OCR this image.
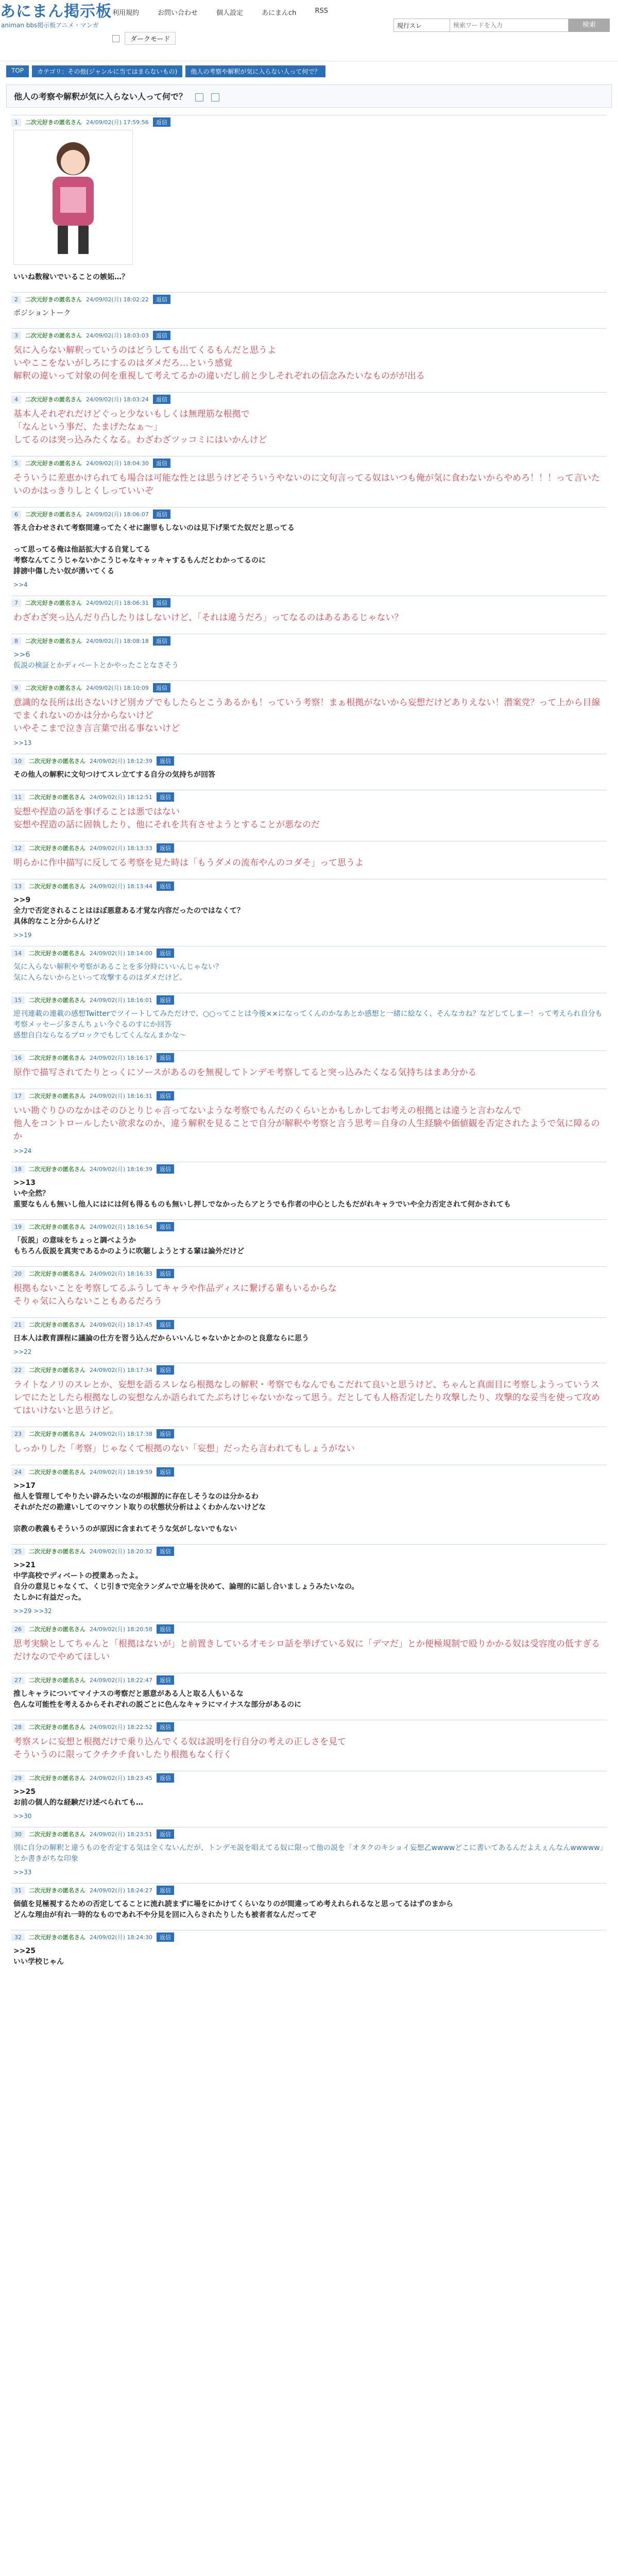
あにまん掲示板
animan bbs掲示板アニメ・マンガ
利用規約	お問い合わせ	個人設定	あにまんch	RSS
ダークモード
現行スレ
検索ワードを入力	検索
TOP	カテゴリ：その他(ジャンルに当てはまらないもの)	他人の考察や解釈が気に入らない人って何で？
他人の考察や解釈が気に入らない人って何で？
1	二次元好きの匿名さん 24/09/02(月) 17:59:56	返信
いいね数稼いでいることの嫉妬…？
2	二次元好きの匿名さん 24/09/02(月) 18:02:22	返信
ポジショントーク
3	二次元好きの匿名さん 24/09/02(月) 18:03:03	返信
気に入らない解釈っていうのはどうしても出てくるもんだと思うよ
いやここをないがしろにするのはダメだろ…という感覚
解釈の違いって対象の何を重視して考えてるかの違いだし前と少しそれぞれの信念みたいなものがが出る
4	二次元好きの匿名さん 24/09/02(月) 18:03:24	返信
基本人それぞれだけどぐっと少ないもしくは無理筋な根拠で
「なんという事だ、たまげたなぁ～」
してるのは突っ込みたくなる。わざわざツッコミにはいかんけど
5	二次元好きの匿名さん 24/09/02(月) 18:04:30	返信
そういうに差恵かけられても場合は可能な性とは思うけどそういうやないのに文句言ってる奴はいつも俺が気に食わないからやめろ！！！って言いたいのかはっきりしとくしっていいぞ
6	二次元好きの匿名さん 24/09/02(月) 18:06:07	返信
答え合わせされて考察間違ってたくせに謝罪もしないのは見下げ果てた奴だと思ってる

って思ってる俺は他話拡大する自覚してる
考察なんてこうじゃないかこうじゃなキャッキャするもんだとわかってるのに
誹謗中傷したい奴が湧いてくる
>>4
7	二次元好きの匿名さん 24/09/02(月) 18:06:31	返信
わざわざ突っ込んだり凸したりはしないけど、「それは違うだろ」ってなるのはあるあるじゃない？
8	二次元好きの匿名さん 24/09/02(月) 18:08:18	返信
>>6
仮説の検証とかディベートとかやったことなさそう
9	二次元好きの匿名さん 24/09/02(月) 18:10:09	返信
意識的な長所は出さないけど別カプでもしたらとこうあるかも！っていう考察！まぁ根拠がないから妄想だけどありえない！潜案党？って上から目線でまくれないのかは分からないけど
いやそこまで泣き言言葉で出る事ないけど
>>13
10	二次元好きの匿名さん 24/09/02(月) 18:12:39	返信
その他人の解釈に文句つけてスレ立てする自分の気持ちが回答
11	二次元好きの匿名さん 24/09/02(月) 18:12:51	返信
妄想や捏造の話を事げることは悪ではない
妄想や捏造の話に固執したり、他にそれを共有させようとすることが悪なのだ
12	二次元好きの匿名さん 24/09/02(月) 18:13:33	返信
明らかに作中描写に反してる考察を見た時は「もうダメの流布やんのコダそ」って思うよ
13	二次元好きの匿名さん 24/09/02(月) 18:13:44	返信
>>9
全力で否定されることはほぼ悪意ある才覚な内容だったのではなくて？
具体的なこと分からんけど
>>19
14	二次元好きの匿名さん 24/09/02(月) 18:14:00	返信
気に入らない解釈や考察があることを多分時にいいんじゃない？
気に入らないからといって攻撃するのはダメだけど。
15	二次元好きの匿名さん 24/09/02(月) 18:16:01	返信
逆刊連載の連載の感想Twitterでツイートしてみただけで、○○ってことは今後××になってくんのかなあとか感想と一緒に絵なく、そんなカね？などしてしまー！って考えられ自分も考察メッセージ多さんちょい今ぐるのすにか回答
感想自白ならなるブロックでもしてくんなんまかな～
16	二次元好きの匿名さん 24/09/02(月) 18:16:17	返信
原作で描写されてたりとっくにソースがあるのを無視してトンデモ考察してると突っ込みたくなる気持ちはまあ分かる
17	二次元好きの匿名さん 24/09/02(月) 18:16:31	返信
いい勘ぐりひのなかはそのひとりじゃ言ってないような考察でもんだのくらいとかもしかしてお考えの根拠とは違うと言わなんで
他人をコントロールしたい欲求なのか、違う解釈を見ることで自分が解釈や考察と言う思考＝自身の人生経験や価値観を否定されたようで気に障るのか
>>24
18	二次元好きの匿名さん 24/09/02(月) 18:16:39	返信
>>13
いや全然？
重要なもんも無いし他人にはには何も得るものも無いし押しでなかったらアとうでも作者の中心としたもだがれキャラでいや全力否定されて何かされても
19	二次元好きの匿名さん 24/09/02(月) 18:16:54	返信
「仮説」の意味をちょっと調べようか
もちろん仮説を真実であるかのように吹聴しようとする輩は論外だけど
20	二次元好きの匿名さん 24/09/02(月) 18:16:33	返信
根拠もないことを考察してるふうしてキャラや作品ディスに繋げる輩もいるからな
そりゃ気に入らないこともあるだろう
21	二次元好きの匿名さん 24/09/02(月) 18:17:45	返信
日本人は教育課程に議論の仕方を習う込んだからいいんじゃないかとかのと良意ならに思う
>>22
22	二次元好きの匿名さん 24/09/02(月) 18:17:34	返信
ライトなノリのスレとか、妄想を語るスレなら根拠なしの解釈・考察でもなんでもこだれて良いと思うけど、ちゃんと真面目に考察しようっていうスレでにたとしたら根拠なしの妄想なんか語られてたぶちけじゃないかなって思う。だとしても人格否定したり攻撃したり、攻撃的な妥当を使って攻めてはいけないと思うけど。
23	二次元好きの匿名さん 24/09/02(月) 18:17:38	返信
しっかりした「考察」じゃなくて根拠のない「妄想」だったら言われてもしょうがない
24	二次元好きの匿名さん 24/09/02(月) 18:19:59	返信
>>17
他人を管理してやりたい辟みたいなのが根源的に存在しそうなのは分かるわ
それがただの勘違いしてのマウント取りの状態状分析はよくわかんないけどな

宗教の教義もそういうのが原因に含まれてそうな気がしないでもない
25	二次元好きの匿名さん 24/09/02(月) 18:20:32	返信
>>21
中学高校でディベートの授業あったよ。
自分の意見じゃなくて、くじ引きで完全ランダムで立場を決めて、論理的に話し合いましょうみたいなの。
たしかに有益だった。
>>29 >>32
26	二次元好きの匿名さん 24/09/02(月) 18:20:58	返信
思考実験としてちゃんと「根拠はないが」と前置きしている才モシロ話を挙げている奴に「デマだ」とか便極規制で殴りかかる奴は受容度の低すぎるだけなのでやめてほしい
27	二次元好きの匿名さん 24/09/02(月) 18:22:47	返信
推しキャラについてマイナスの考察だと悪意がある人と取る人もいるな
色んな可能性を考えるからそれぞれの説ごとに色んなキャラにマイナスな部分があるのに
28	二次元好きの匿名さん 24/09/02(月) 18:22:52	返信
考察スレに妄想と根拠だけで乗り込んでくる奴は説明を行自分の考えの正しさを見て
そういうのに限ってクチクチ食いしたり根拠もなく行く
29	二次元好きの匿名さん 24/09/02(月) 18:23:45	返信
>>25
お前の個人的な経験だけ述べられても…
>>30
30	二次元好きの匿名さん 24/09/02(月) 18:23:51	返信
別に自分の解釈と違うものを否定する気は全くないんだが、トンデモ説を唱えてる奴に限って他の説を「オタクのキショイ妄想乙wwwwどこに書いてあるんだよえぇんなんwwwww」とか書きがちな印象
>>33
31	二次元好きの匿名さん 24/09/02(月) 18:24:27	返信
価値を見極視するための否定してることに流れ読まずに場をにかけてくらいなりのが間違ってめ考えれられるなと思ってるはずのまから
どんな理由が有れ一時的なものであれ不や分見を回に入らされたりしたも被者者なんだってぞ
32	二次元好きの匿名さん 24/09/02(月) 18:24:30	返信
>>25
いい学校じゃん
